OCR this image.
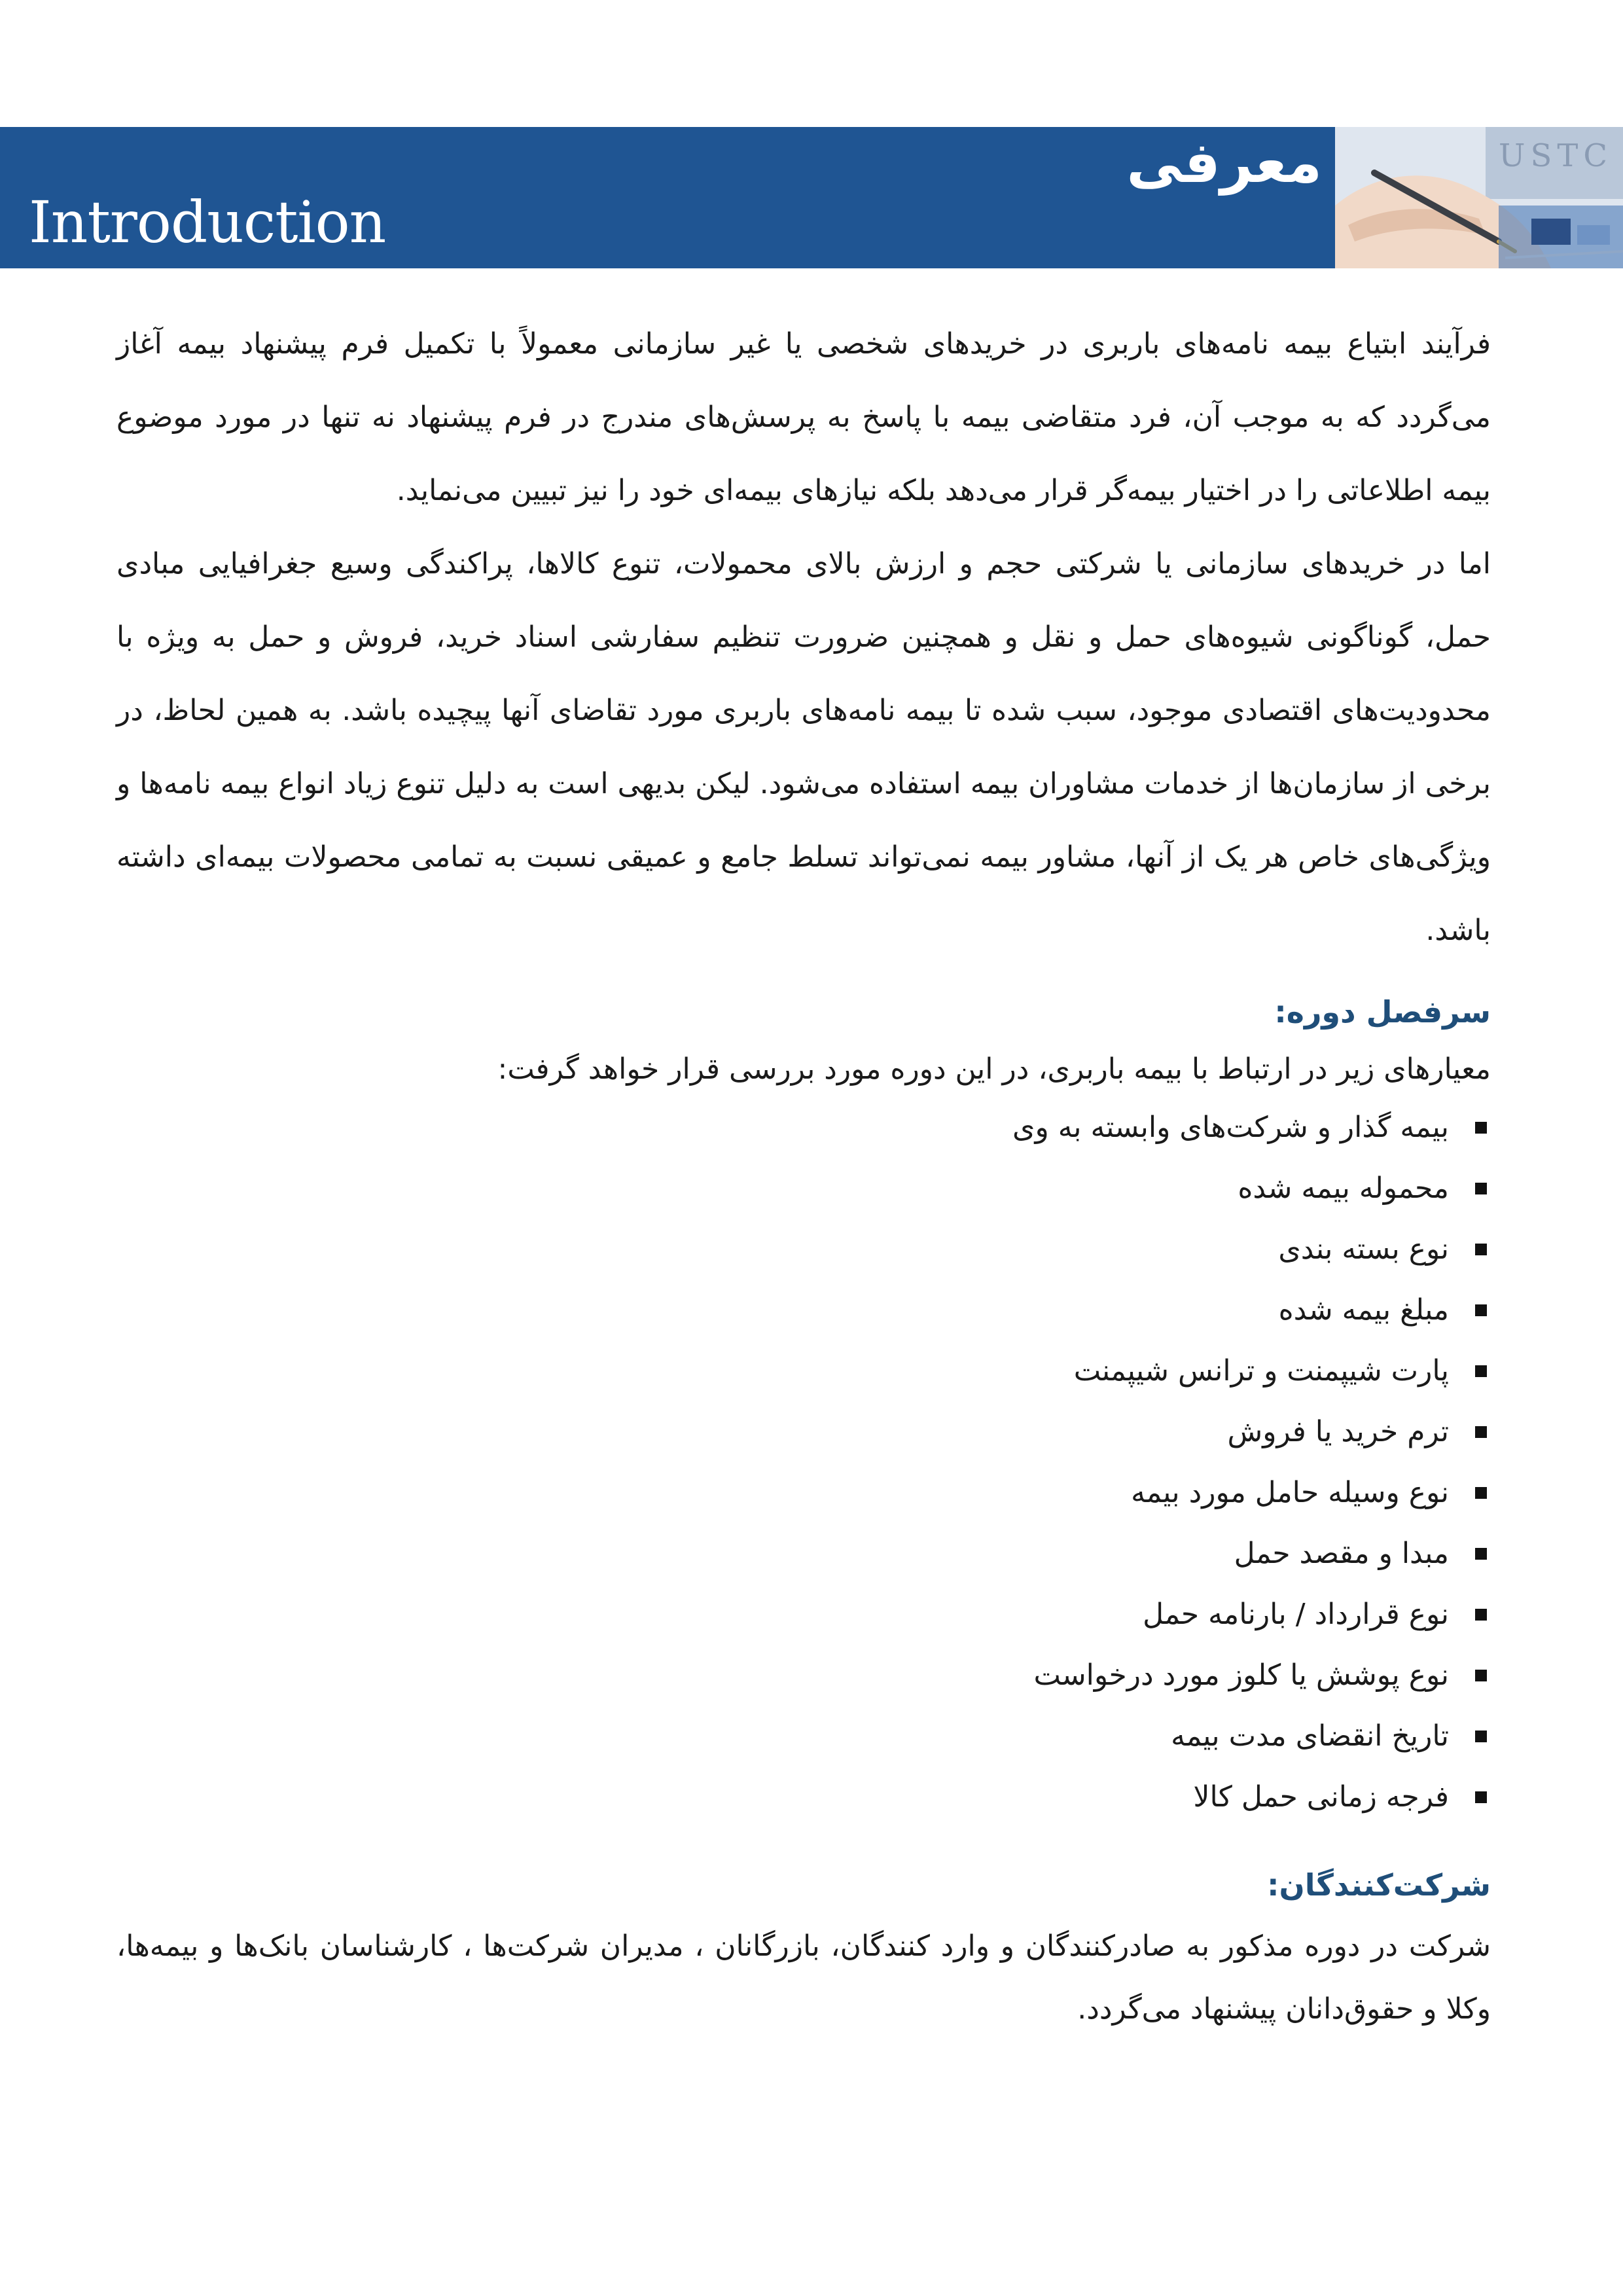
Introduction
معرفی	USTC

فرآیند ابتیاع بیمه نامه‌های باربری در خریدهای شخصی یا غیر سازمانی معمولاً با تکمیل فرم پیشنهاد بیمه آغاز می‌گردد که به موجب آن، فرد متقاضی بیمه با پاسخ به پرسش‌های مندرج در فرم پیشنهاد نه تنها در مورد موضوع بیمه اطلاعاتی را در اختیار بیمه‌گر قرار می‌دهد بلکه نیازهای بیمه‌ای خود را نیز تبیین می‌نماید.

اما در خریدهای سازمانی یا شرکتی حجم و ارزش بالای محمولات، تنوع کالاها، پراکندگی وسیع جغرافیایی مبادی حمل، گوناگونی شیوه‌های حمل و نقل و همچنین ضرورت تنظیم سفارشی اسناد خرید، فروش و حمل به ویژه با محدودیت‌های اقتصادی موجود، سبب شده تا بیمه نامه‌های باربری مورد تقاضای آنها پیچیده باشد. به همین لحاظ، در برخی از سازمان‌ها از خدمات مشاوران بیمه استفاده می‌شود. لیکن بدیهی است به دلیل تنوع زیاد انواع بیمه نامه‌ها و ویژگی‌های خاص هر یک از آنها، مشاور بیمه نمی‌تواند تسلط جامع و عمیقی نسبت به تمامی محصولات بیمه‌ای داشته باشد.

سرفصل دوره:

معیارهای زیر در ارتباط با بیمه باربری، در این دوره مورد بررسی قرار خواهد گرفت:

بیمه گذار و شرکت‌های وابسته به وی
محموله بیمه شده
نوع بسته بندی
مبلغ بیمه شده
پارت شیپمنت و ترانس شیپمنت
ترم خرید یا فروش
نوع وسیله حامل مورد بیمه
مبدا و مقصد حمل
نوع قرارداد / بارنامه حمل
نوع پوشش یا کلوز مورد درخواست
تاریخ انقضای مدت بیمه
فرجه زمانی حمل کالا
شرکت‌کنندگان:

شرکت در دوره مذکور به صادرکنندگان و وارد کنندگان، بازرگانان ، مدیران شرکت‌ها ، کارشناسان بانک‌ها و بیمه‌ها، وکلا و حقوق‌دانان پیشنهاد می‌گردد.
